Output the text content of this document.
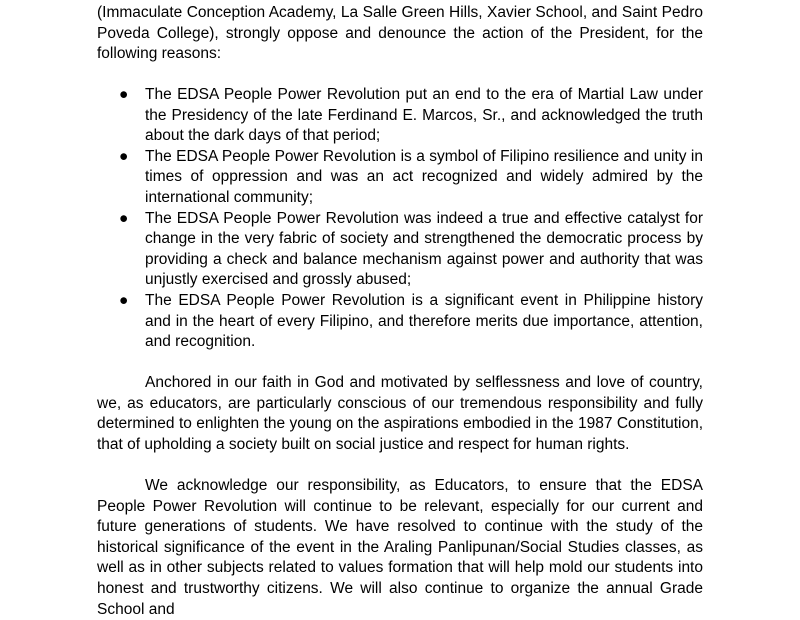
(Immaculate Conception Academy, La Salle Green Hills, Xavier School, and Saint Pedro Poveda College), strongly oppose and denounce the action of the President, for the following reasons:

● The EDSA People Power Revolution put an end to the era of Martial Law under the Presidency of the late Ferdinand E. Marcos, Sr., and acknowledged the truth about the dark days of that period;
● The EDSA People Power Revolution is a symbol of Filipino resilience and unity in times of oppression and was an act recognized and widely admired by the international community;
● The EDSA People Power Revolution was indeed a true and effective catalyst for change in the very fabric of society and strengthened the democratic process by providing a check and balance mechanism against power and authority that was unjustly exercised and grossly abused;
● The EDSA People Power Revolution is a significant event in Philippine history and in the heart of every Filipino, and therefore merits due importance, attention, and recognition.

Anchored in our faith in God and motivated by selflessness and love of country, we, as educators, are particularly conscious of our tremendous responsibility and fully determined to enlighten the young on the aspirations embodied in the 1987 Constitution, that of upholding a society built on social justice and respect for human rights.

We acknowledge our responsibility, as Educators, to ensure that the EDSA People Power Revolution will continue to be relevant, especially for our current and future generations of students. We have resolved to continue with the study of the historical significance of the event in the Araling Panlipunan/Social Studies classes, as well as in other subjects related to values formation that will help mold our students into honest and trustworthy citizens. We will also continue to organize the annual Grade School and
